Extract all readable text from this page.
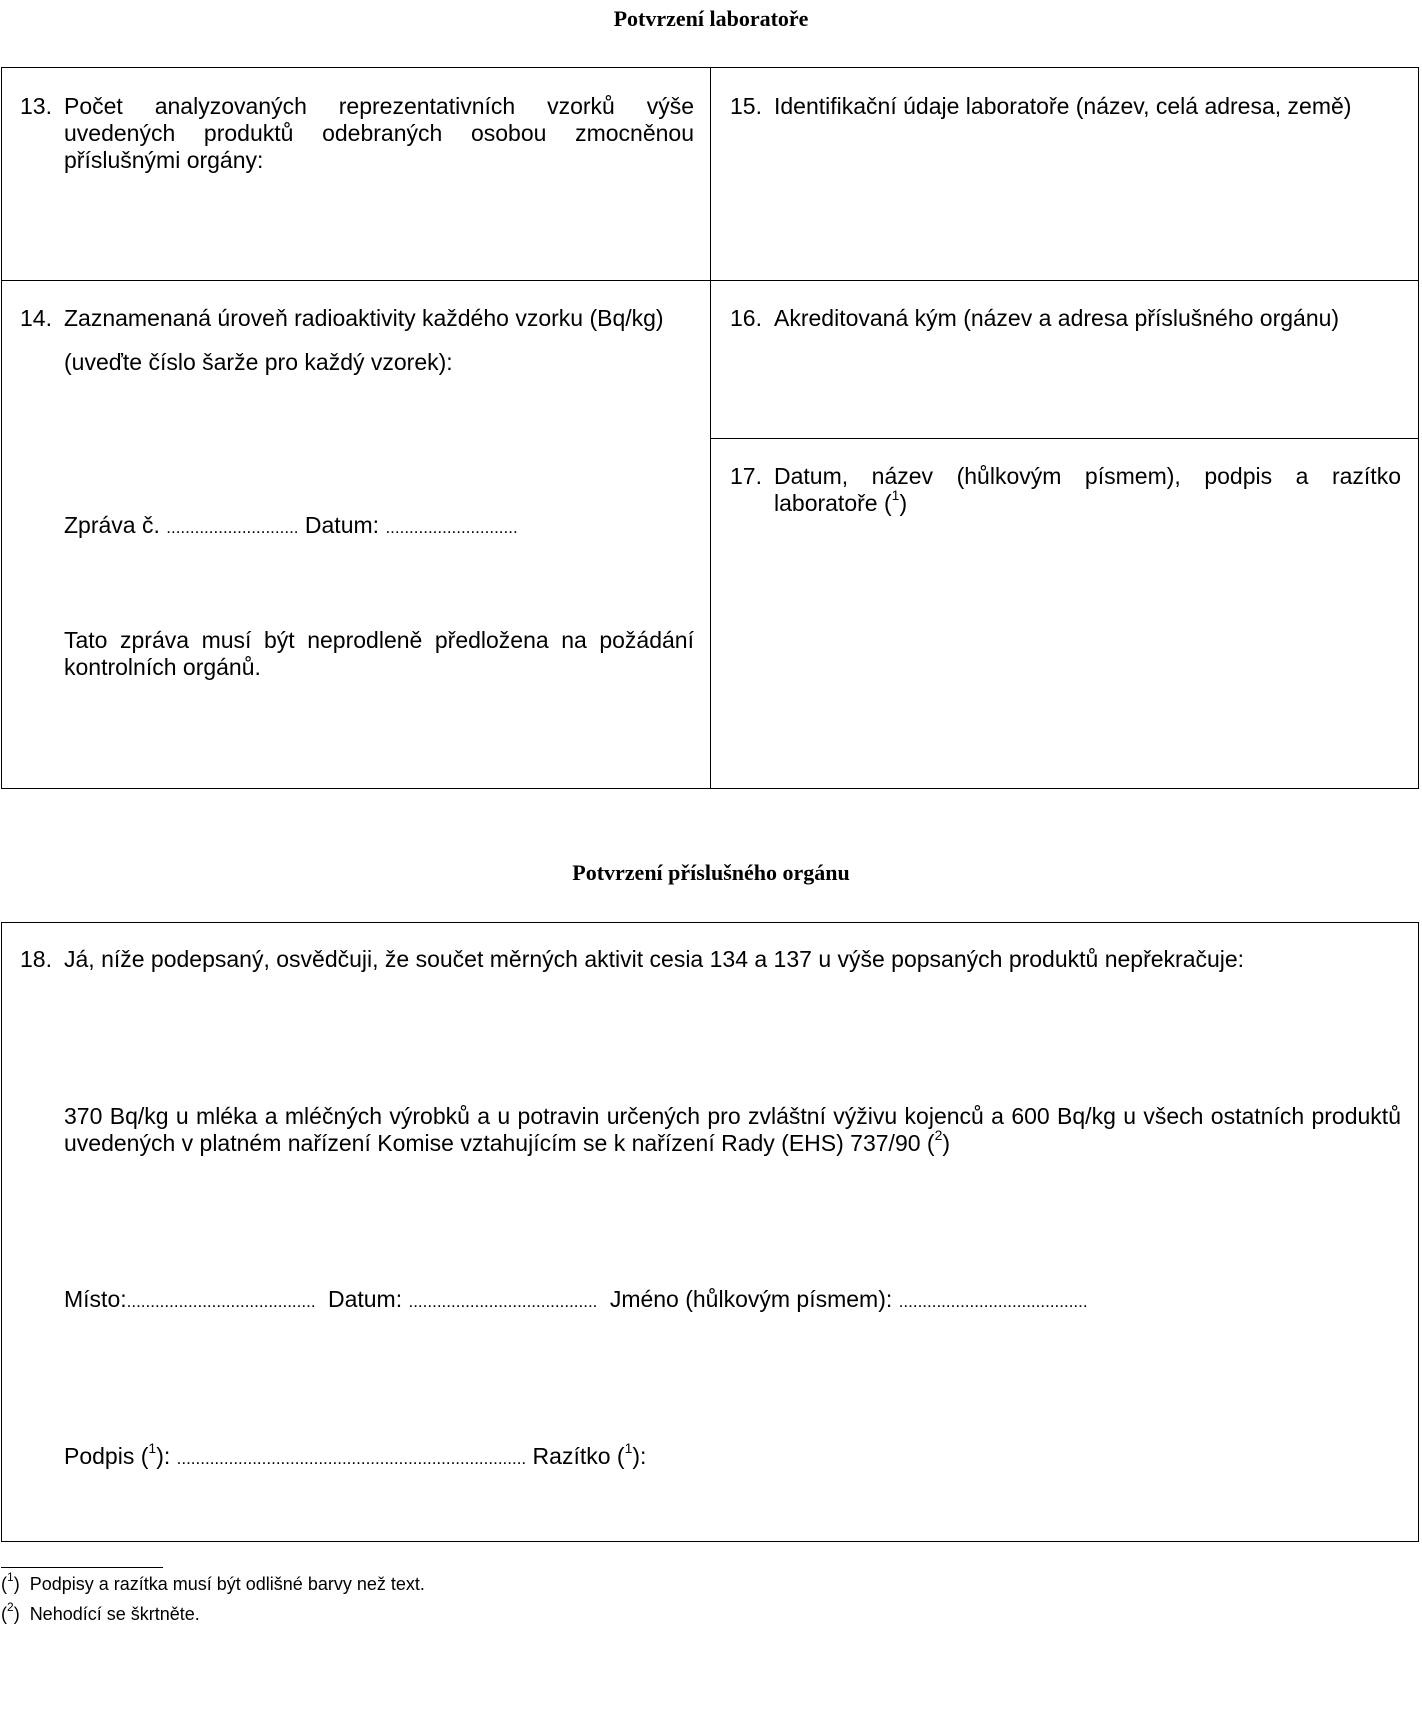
Potvrzení laboratoře
13. Počet analyzovaných reprezentativních vzorků výše uvedených produktů odebraných osobou zmocněnou příslušnými orgány:
15. Identifikační údaje laboratoře (název, celá adresa, země)
14. Zaznamenaná úroveň radioaktivity každého vzorku (Bq/kg)
(uveďte číslo šarže pro každý vzorek):
Zpráva č. ............................ Datum: ............................
Tato zpráva musí být neprodleně předložena na požádání kontrolních orgánů.
16. Akreditovaná kým (název a adresa příslušného orgánu)
17. Datum, název (hůlkovým písmem), podpis a razítko laboratoře ($^1$)
Potvrzení příslušného orgánu
18. Já, níže podepsaný, osvědčuji, že součet měrných aktivit cesia 134 a 137 u výše popsaných produktů nepřekračuje:
370 Bq/kg u mléka a mléčných výrobků a u potravin určených pro zvláštní výživu kojenců a 600 Bq/kg u všech ostatních produktů uvedených v platném nařízení Komise vztahujícím se k nařízení Rady (EHS) 737/90 ($^2$)
Místo:........................................ Datum: ........................................ Jméno (hůlkovým písmem): ........................................
Podpis ($^1$): .......................................................................... Razítko ($^1$):
($^1$)  Podpisy a razítka musí být odlišné barvy než text.
($^2$)  Nehodící se škrtněte.
